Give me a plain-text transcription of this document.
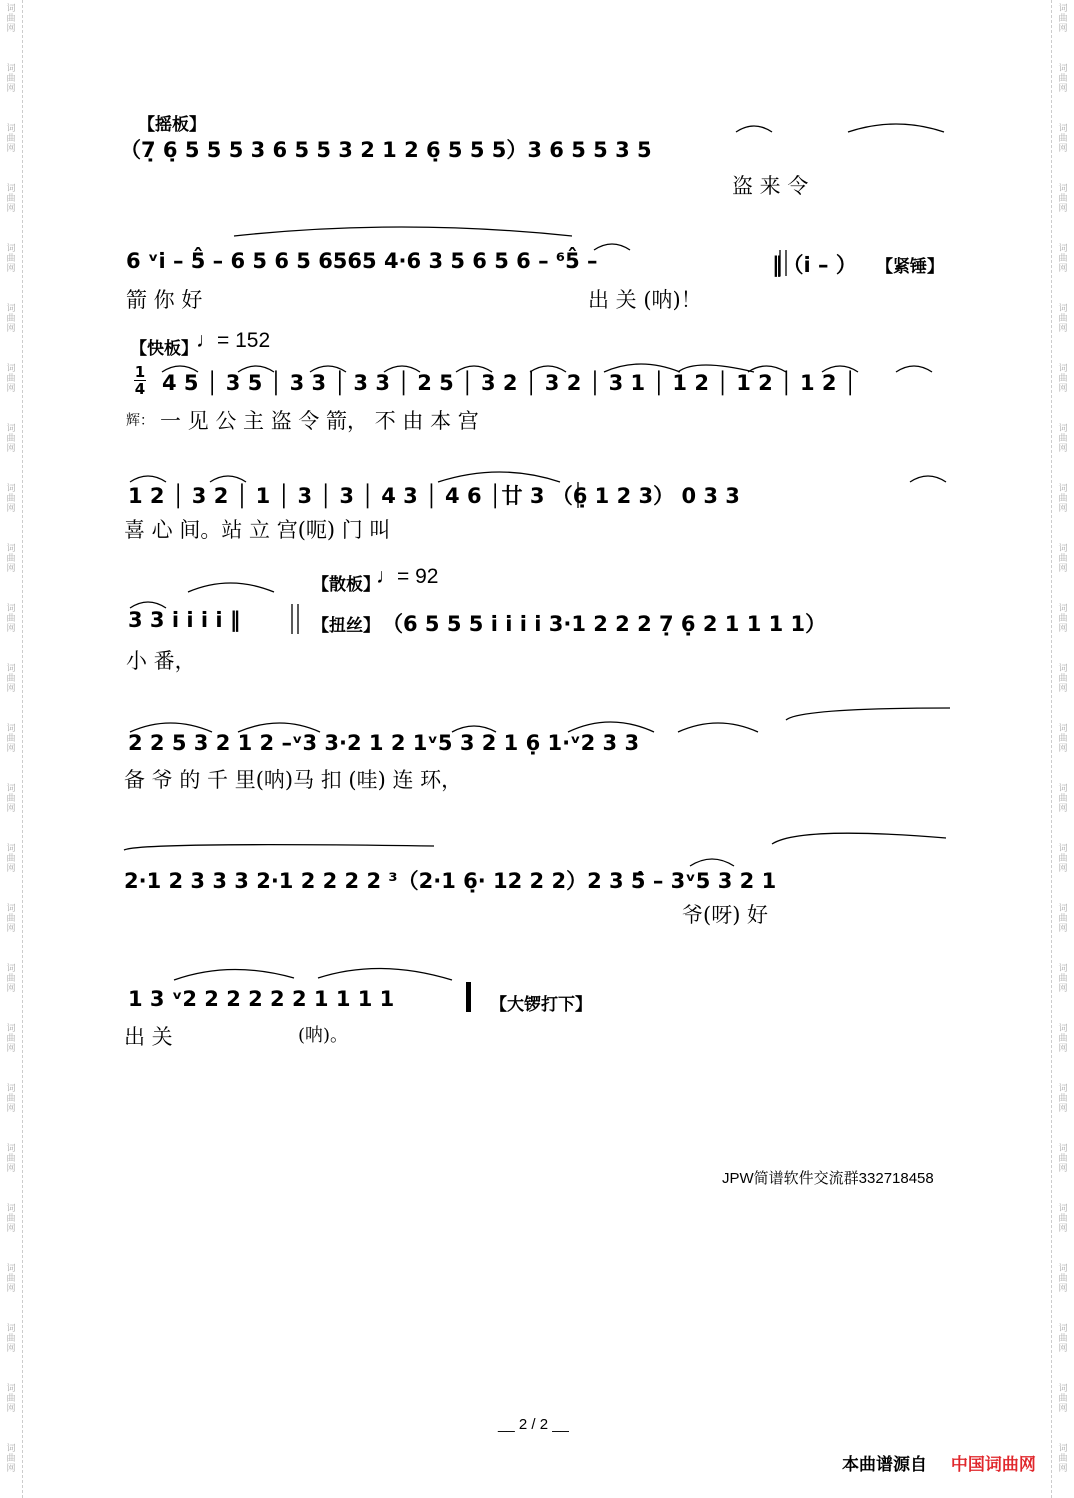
词
曲
网
词
曲
网
词
曲
网
词
曲
网
词
曲
网
词
曲
网
词
曲
网
词
曲
网
词
曲
网
词
曲
网
词
曲
网
词
曲
网
词
曲
网
词
曲
网
词
曲
网
词
曲
网
词
曲
网
词
曲
网
词
曲
网
词
曲
网
词
曲
网
词
曲
网
词
曲
网
词
曲
网
词
曲
网
词
曲
网
词
曲
网
词
曲
网
词
曲
网
词
曲
网
词
曲
网
词
曲
网
词
曲
网
词
曲
网
词
曲
网
词
曲
网
词
曲
网
词
曲
网
词
曲
网
词
曲
网
词
曲
网
词
曲
网
词
曲
网
词
曲
网
词
曲
网
词
曲
网
词
曲
网
词
曲
网
词
曲
网
词
曲
网
【摇板】
（7̣ 6̣ 5 5 5 3 6 5 5 3 2 1 2 6̣ 5 5 5）3 6 5 5 3 5
盗 来 令
6 ᵛi̇ – 5̂ – 6 5 6 5 6565 4·6 3 5 6 5 6 – ⁶5̂ –	‖（i̇ – ） 【紧锤】
箭 你 好	出 关 (呐)！
【快板】
♩= 152
$\frac{1}{4} 4$ 5 │ 3 5 │ 3 3 │ 3 3 │ 2 5 │ 3 2 │ 3 2 │ 3 1 │ 1 2 │ 1 2 │ 1 2 │
辉： 一 见 公 主 盗 令 箭， 不 由 本 宫
1 2 │ 3 2 │ 1 │ 3 │ 3 │ 4 3 │ 4 6 │廿 3 （6̣ 1 2 3） 0 3 3
喜 心 间。站 立 宫(呃) 门 叫
【散板】
♩= 92
3 3 i̇ i̇ i̇ i̇ ‖	【扭丝】 （6 5 5 5 i̇ i̇ i̇ i̇ 3·1 2 2 2 7̣ 6̣ 2 1 1 1 1）
小 番，
2 2 5 3 2 1 2 –ᵛ3 3·2 1 2 1ᵛ5 3 2 1 6̣ 1·ᵛ2 3 3
备 爷 的 千 里(呐)马 扣 (哇) 连 环，
2·1 2 3 3 3 2·1 2 2 2 2 ³（2·1 6̣· 12 2 2）2 3 5̂ – 3ᵛ5 3 2 1
爷(呀) 好
1 3 ᵛ2 2 2 2 2 2 1 1 1 1	【大锣打下】
出 关	(呐)。
JPW简谱软件交流群332718458
__ 2 / 2 __
本曲谱源自 中国词曲网
